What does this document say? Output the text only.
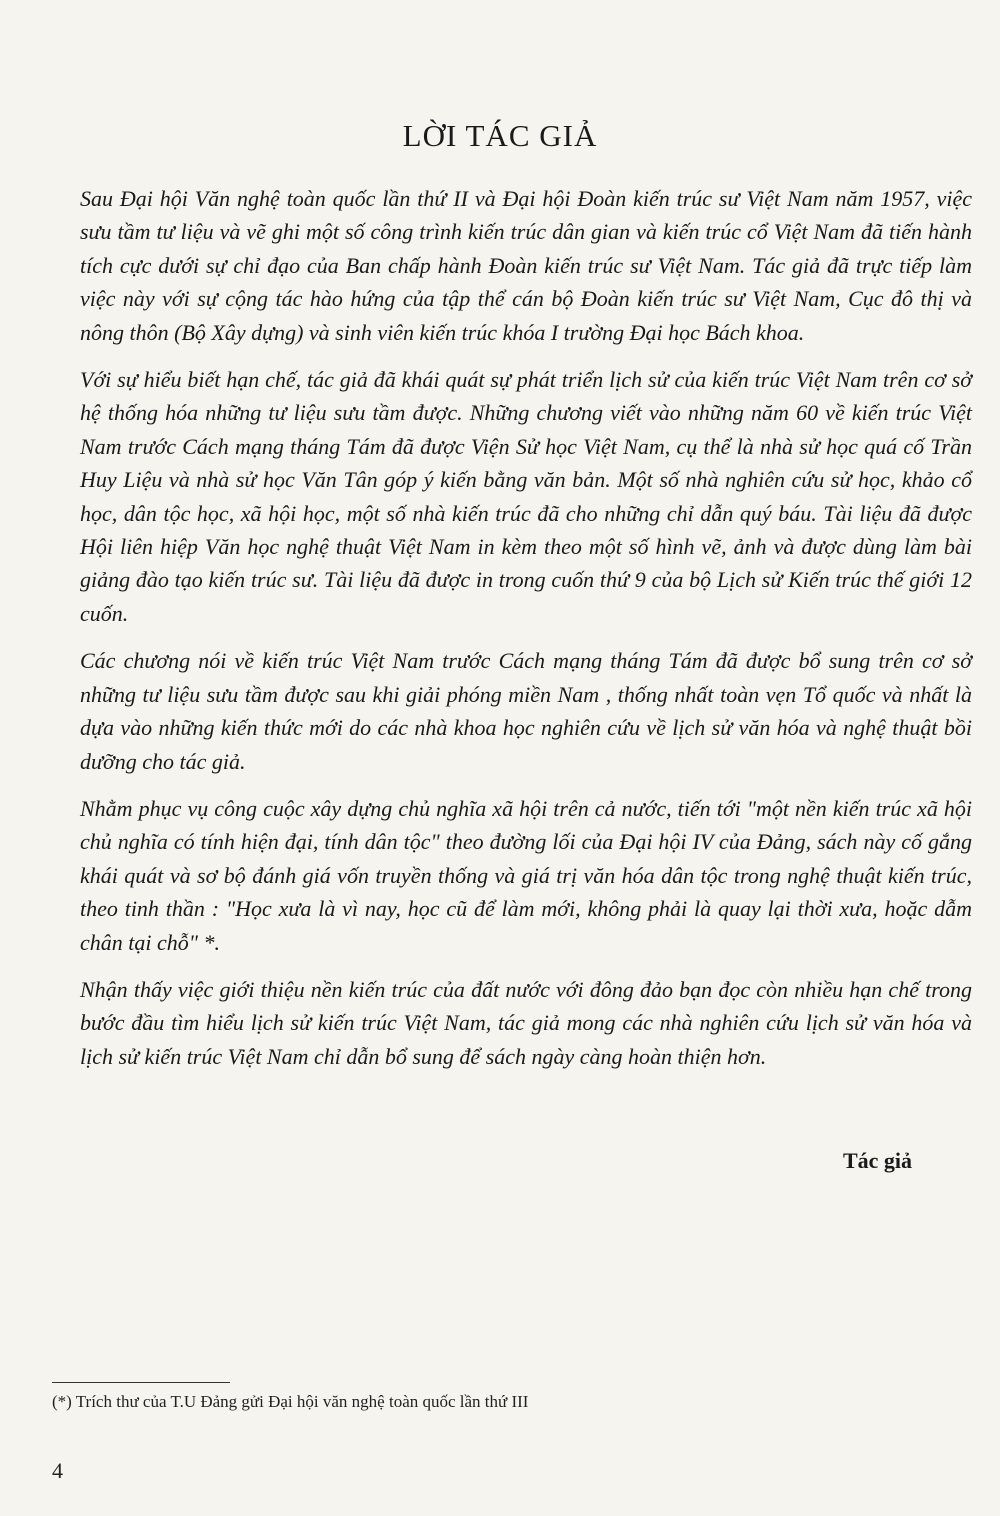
LỜI TÁC GIẢ

Sau Đại hội Văn nghệ toàn quốc lần thứ II và Đại hội Đoàn kiến trúc sư Việt Nam năm 1957, việc sưu tầm tư liệu và vẽ ghi một số công trình kiến trúc dân gian và kiến trúc cổ Việt Nam đã tiến hành tích cực dưới sự chỉ đạo của Ban chấp hành Đoàn kiến trúc sư Việt Nam. Tác giả đã trực tiếp làm việc này với sự cộng tác hào hứng của tập thể cán bộ Đoàn kiến trúc sư Việt Nam, Cục đô thị và nông thôn (Bộ Xây dựng) và sinh viên kiến trúc khóa I trường Đại học Bách khoa.

Với sự hiểu biết hạn chế, tác giả đã khái quát sự phát triển lịch sử của kiến trúc Việt Nam trên cơ sở hệ thống hóa những tư liệu sưu tầm được. Những chương viết vào những năm 60 về kiến trúc Việt Nam trước Cách mạng tháng Tám đã được Viện Sử học Việt Nam, cụ thể là nhà sử học quá cố Trần Huy Liệu và nhà sử học Văn Tân góp ý kiến bằng văn bản. Một số nhà nghiên cứu sử học, khảo cổ học, dân tộc học, xã hội học, một số nhà kiến trúc đã cho những chỉ dẫn quý báu. Tài liệu đã được Hội liên hiệp Văn học nghệ thuật Việt Nam in kèm theo một số hình vẽ, ảnh và được dùng làm bài giảng đào tạo kiến trúc sư. Tài liệu đã được in trong cuốn thứ 9 của bộ Lịch sử Kiến trúc thế giới 12 cuốn.

Các chương nói về kiến trúc Việt Nam trước Cách mạng tháng Tám đã được bổ sung trên cơ sở những tư liệu sưu tầm được sau khi giải phóng miền Nam , thống nhất toàn vẹn Tổ quốc và nhất là dựa vào những kiến thức mới do các nhà khoa học nghiên cứu về lịch sử văn hóa và nghệ thuật bồi dưỡng cho tác giả.

Nhằm phục vụ công cuộc xây dựng chủ nghĩa xã hội trên cả nước, tiến tới "một nền kiến trúc xã hội chủ nghĩa có tính hiện đại, tính dân tộc" theo đường lối của Đại hội IV của Đảng, sách này cố gắng khái quát và sơ bộ đánh giá vốn truyền thống và giá trị văn hóa dân tộc trong nghệ thuật kiến trúc, theo tinh thần : "Học xưa là vì nay, học cũ để làm mới, không phải là quay lại thời xưa, hoặc dẫm chân tại chỗ" *.

Nhận thấy việc giới thiệu nền kiến trúc của đất nước với đông đảo bạn đọc còn nhiều hạn chế trong bước đầu tìm hiểu lịch sử kiến trúc Việt Nam, tác giả mong các nhà nghiên cứu lịch sử văn hóa và lịch sử kiến trúc Việt Nam chỉ dẫn bổ sung để sách ngày càng hoàn thiện hơn.

Tác giả
(*) Trích thư của T.U Đảng gửi Đại hội văn nghệ toàn quốc lần thứ III
4
